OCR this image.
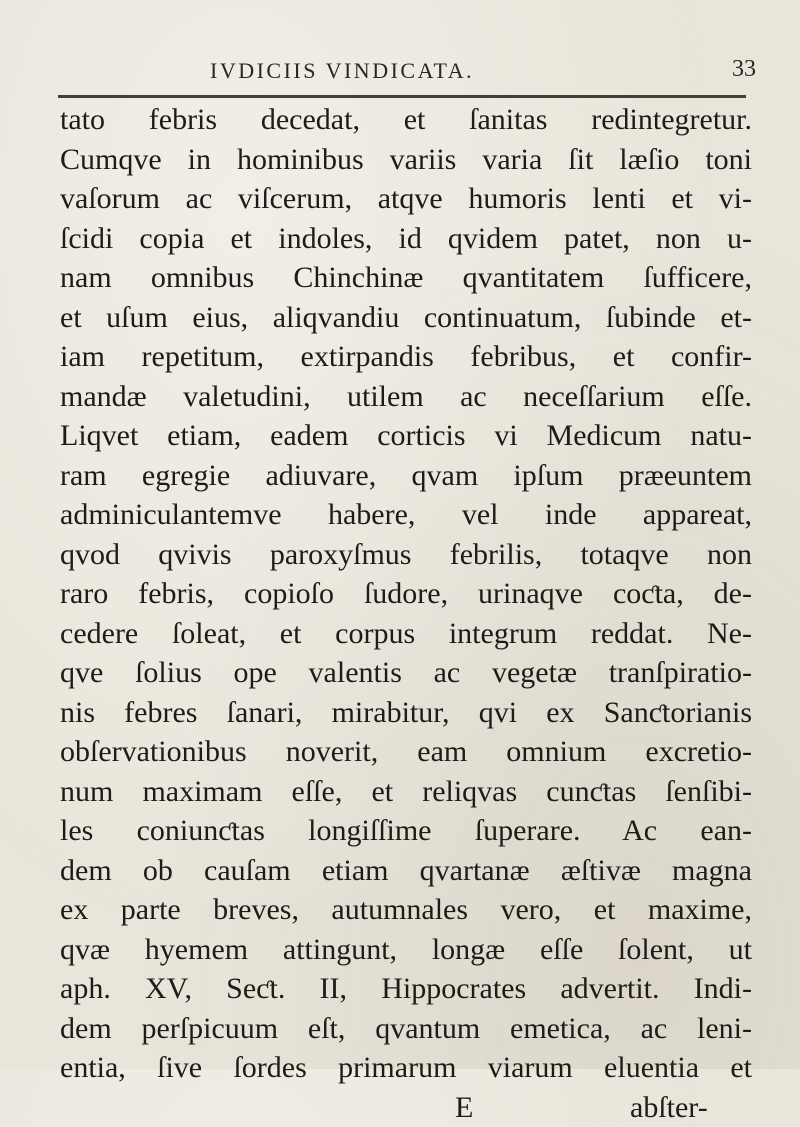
IVDICIIS VINDICATA.	33
tato febris decedat, et ſanitas redintegretur.
Cumqve in hominibus variis varia ſit læſio toni
vaſorum ac viſcerum, atqve humoris lenti et vi-
ſcidi copia et indoles, id qvidem patet, non u-
nam omnibus Chinchinæ qvantitatem ſufficere,
et uſum eius, aliqvandiu continuatum, ſubinde et-
iam repetitum, extirpandis febribus, et confir-
mandæ valetudini, utilem ac neceſſarium eſſe.
Liqvet etiam, eadem corticis vi Medicum natu-
ram egregie adiuvare, qvam ipſum præeuntem
adminiculantemve habere, vel inde appareat,
qvod qvivis paroxyſmus febrilis, totaqve non
raro febris, copioſo ſudore, urinaqve coƈta, de-
cedere ſoleat, et corpus integrum reddat. Ne-
qve ſolius ope valentis ac vegetæ tranſpiratio-
nis febres ſanari, mirabitur, qvi ex Sanƈtorianis
obſervationibus noverit, eam omnium excretio-
num maximam eſſe, et reliqvas cunƈtas ſenſibi-
les coniunƈtas longiſſime ſuperare. Ac ean-
dem ob cauſam etiam qvartanæ æſtivæ magna
ex parte breves, autumnales vero, et maxime,
qvæ hyemem attingunt, longæ eſſe ſolent, ut
aph. XV, Seƈt. II, Hippocrates advertit. Indi-
dem perſpicuum eſt, qvantum emetica, ac leni-
entia, ſive ſordes primarum viarum eluentia et
E	abſter-
